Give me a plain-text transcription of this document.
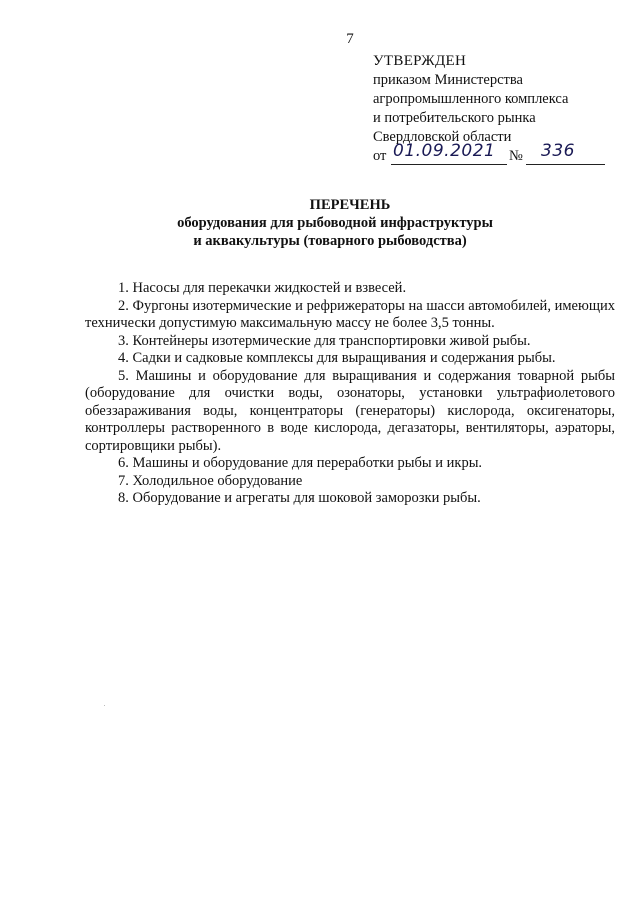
7
УТВЕРЖДЕН
приказом Министерства
агропромышленного комплекса
и потребительского рынка
Свердловской области
от 01.09.2021 № 336
ПЕРЕЧЕНЬ
оборудования для рыбоводной инфраструктуры
и аквакультуры (товарного рыбоводства)

1. Насосы для перекачки жидкостей и взвесей.

2. Фургоны изотермические и рефрижераторы на шасси автомобилей, имеющих технически допустимую максимальную массу не более 3,5 тонны.

3. Контейнеры изотермические для транспортировки живой рыбы.

4. Садки и садковые комплексы для выращивания и содержания рыбы.

5. Машины и оборудование для выращивания и содержания товарной рыбы (оборудование для очистки воды, озонаторы, установки ультрафиолетового обеззараживания воды, концентраторы (генераторы) кислорода, оксигенаторы, контроллеры растворенного в воде кислорода, дегазаторы, вентиляторы, аэраторы, сортировщики рыбы).

6. Машины и оборудование для переработки рыбы и икры.

7. Холодильное оборудование

8. Оборудование и агрегаты для шоковой заморозки рыбы.
